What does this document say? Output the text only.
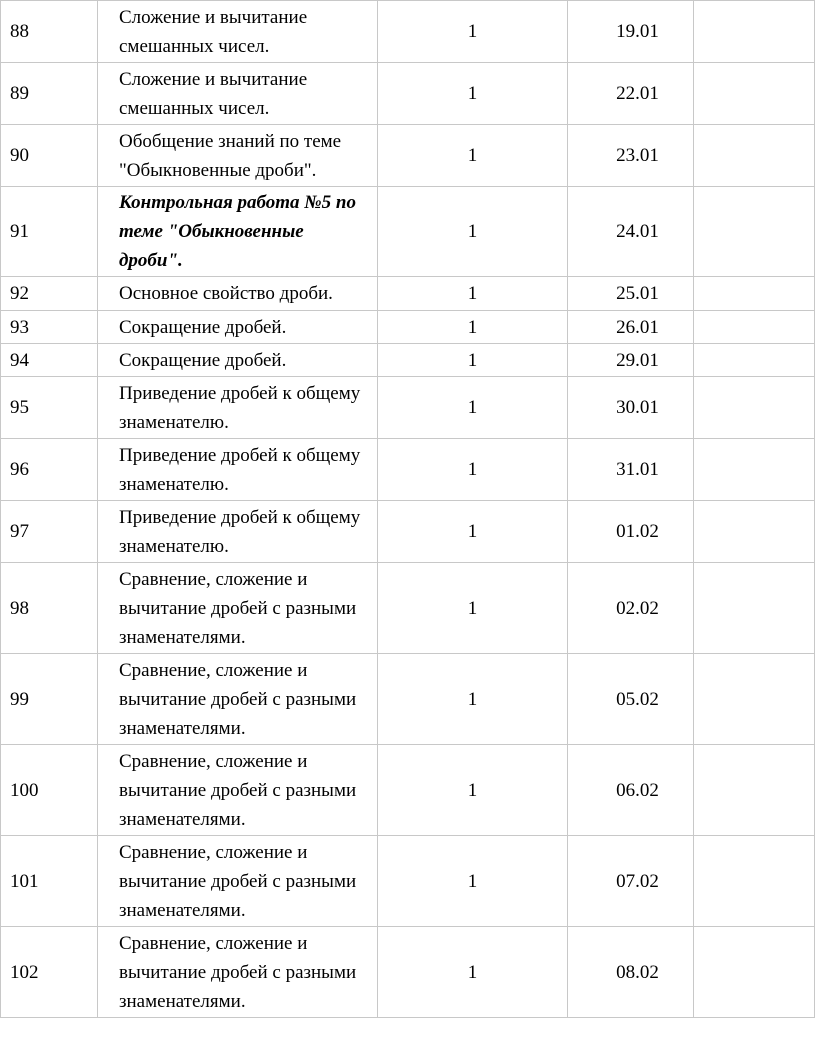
88	Сложение и вычитание смешанных чисел.	1	19.01	
89	Сложение и вычитание смешанных чисел.	1	22.01	
90	Обобщение знаний по теме "Обыкновенные дроби".	1	23.01	
91	Контрольная работа №5 по теме "Обыкновенные дроби".	1	24.01	
92	Основное свойство дроби.	1	25.01	
93	Сокращение дробей.	1	26.01	
94	Сокращение дробей.	1	29.01	
95	Приведение дробей к общему знаменателю.	1	30.01	
96	Приведение дробей к общему знаменателю.	1	31.01	
97	Приведение дробей к общему знаменателю.	1	01.02	
98	Сравнение, сложение и вычитание дробей с разными знаменателями.	1	02.02	
99	Сравнение, сложение и вычитание дробей с разными знаменателями.	1	05.02	
100	Сравнение, сложение и вычитание дробей с разными знаменателями.	1	06.02	
101	Сравнение, сложение и вычитание дробей с разными знаменателями.	1	07.02	
102	Сравнение, сложение и вычитание дробей с разными знаменателями.	1	08.02	
